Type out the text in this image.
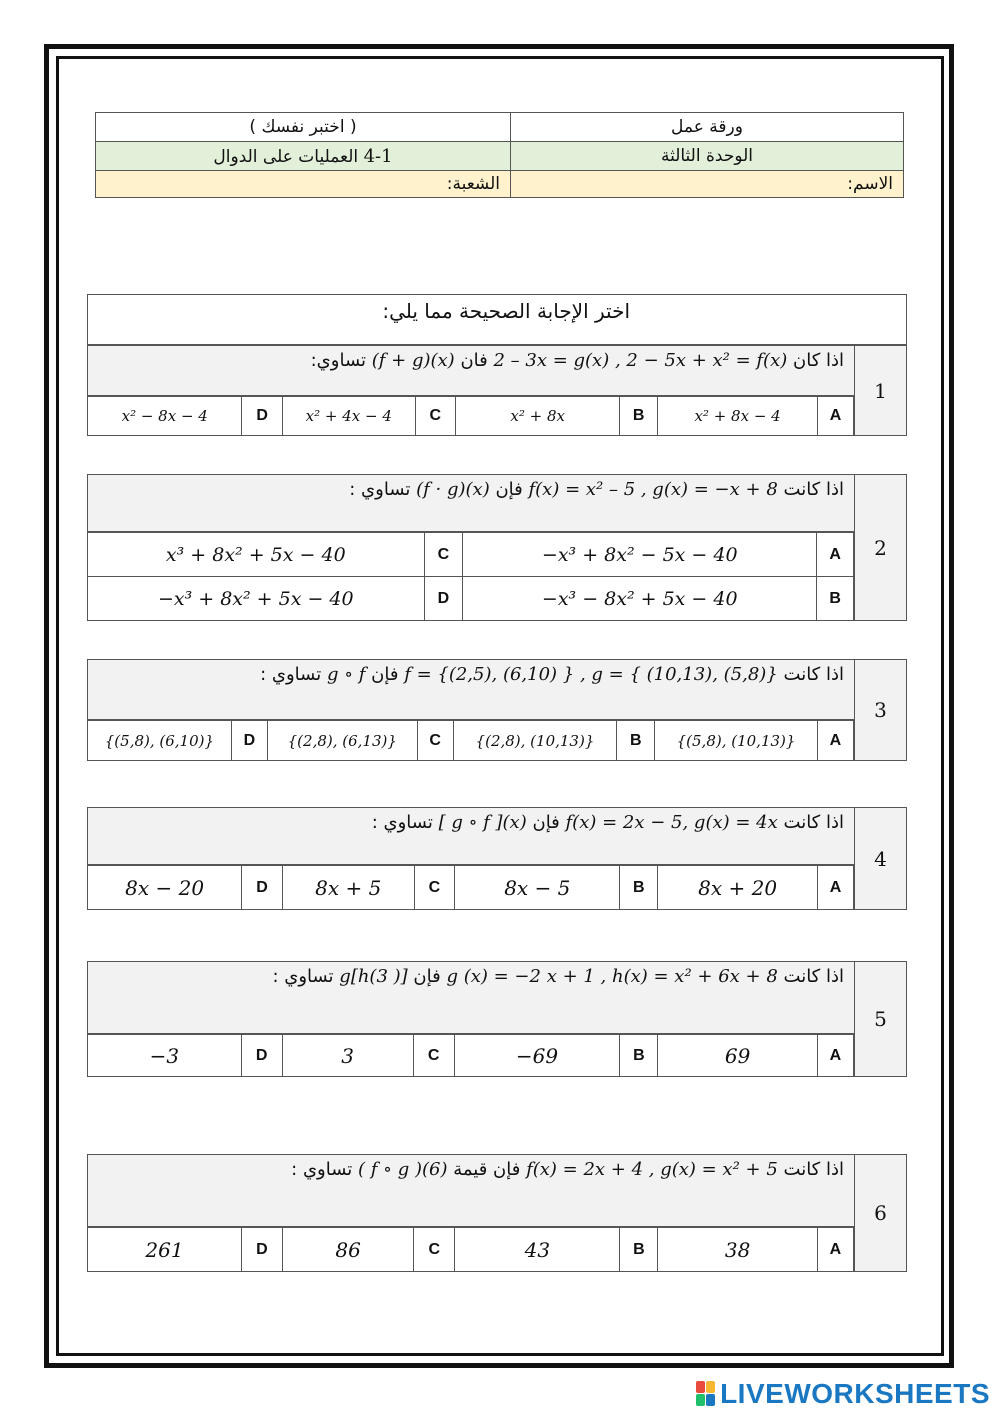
( اختبر نفسك )	ورقة عمل
4-1 العمليات على الدوال	الوحدة الثالثة
الشعبة:	الاسم:
اختر الإجابة الصحيحة مما يلي:
اذا كان 2 – 3x = g(x) , 2 − 5x + x² = f(x) فان (f + g)(x) تساوي:
1
x² − 8x − 4	D	x² + 4x − 4	C	x² + 8x	B	x² + 8x − 4	A
اذا كانت f(x) = x² – 5 , g(x) = −x + 8 فإن (f · g)(x) تساوي :
2
x³ + 8x² + 5x − 40	C	−x³ + 8x² − 5x − 40	A
−x³ + 8x² + 5x − 40	D	−x³ − 8x² + 5x − 40	B
اذا كانت f = {(2,5), (6,10) } , g = { (10,13), (5,8)} فإن g ∘ f تساوي :
3
{(5,8), (6,10)}	D	{(2,8), (6,13)}	C	{(2,8), (10,13)}	B	{(5,8), (10,13)}	A
اذا كانت f(x) = 2x − 5, g(x) = 4x فإن [ g ∘ f ](x) تساوي :
4
8x − 20	D	8x + 5	C	8x − 5	B	8x + 20	A
اذا كانت g (x) = −2 x + 1 , h(x) = x² + 6x + 8 فإن g[h(3 )] تساوي :
5
−3	D	3	C	−69	B	69	A
اذا كانت f(x) = 2x + 4 , g(x) = x² + 5 فإن قيمة ( f ∘ g )(6) تساوي :
6
261	D	86	C	43	B	38	A
LIVEWORKSHEETS
